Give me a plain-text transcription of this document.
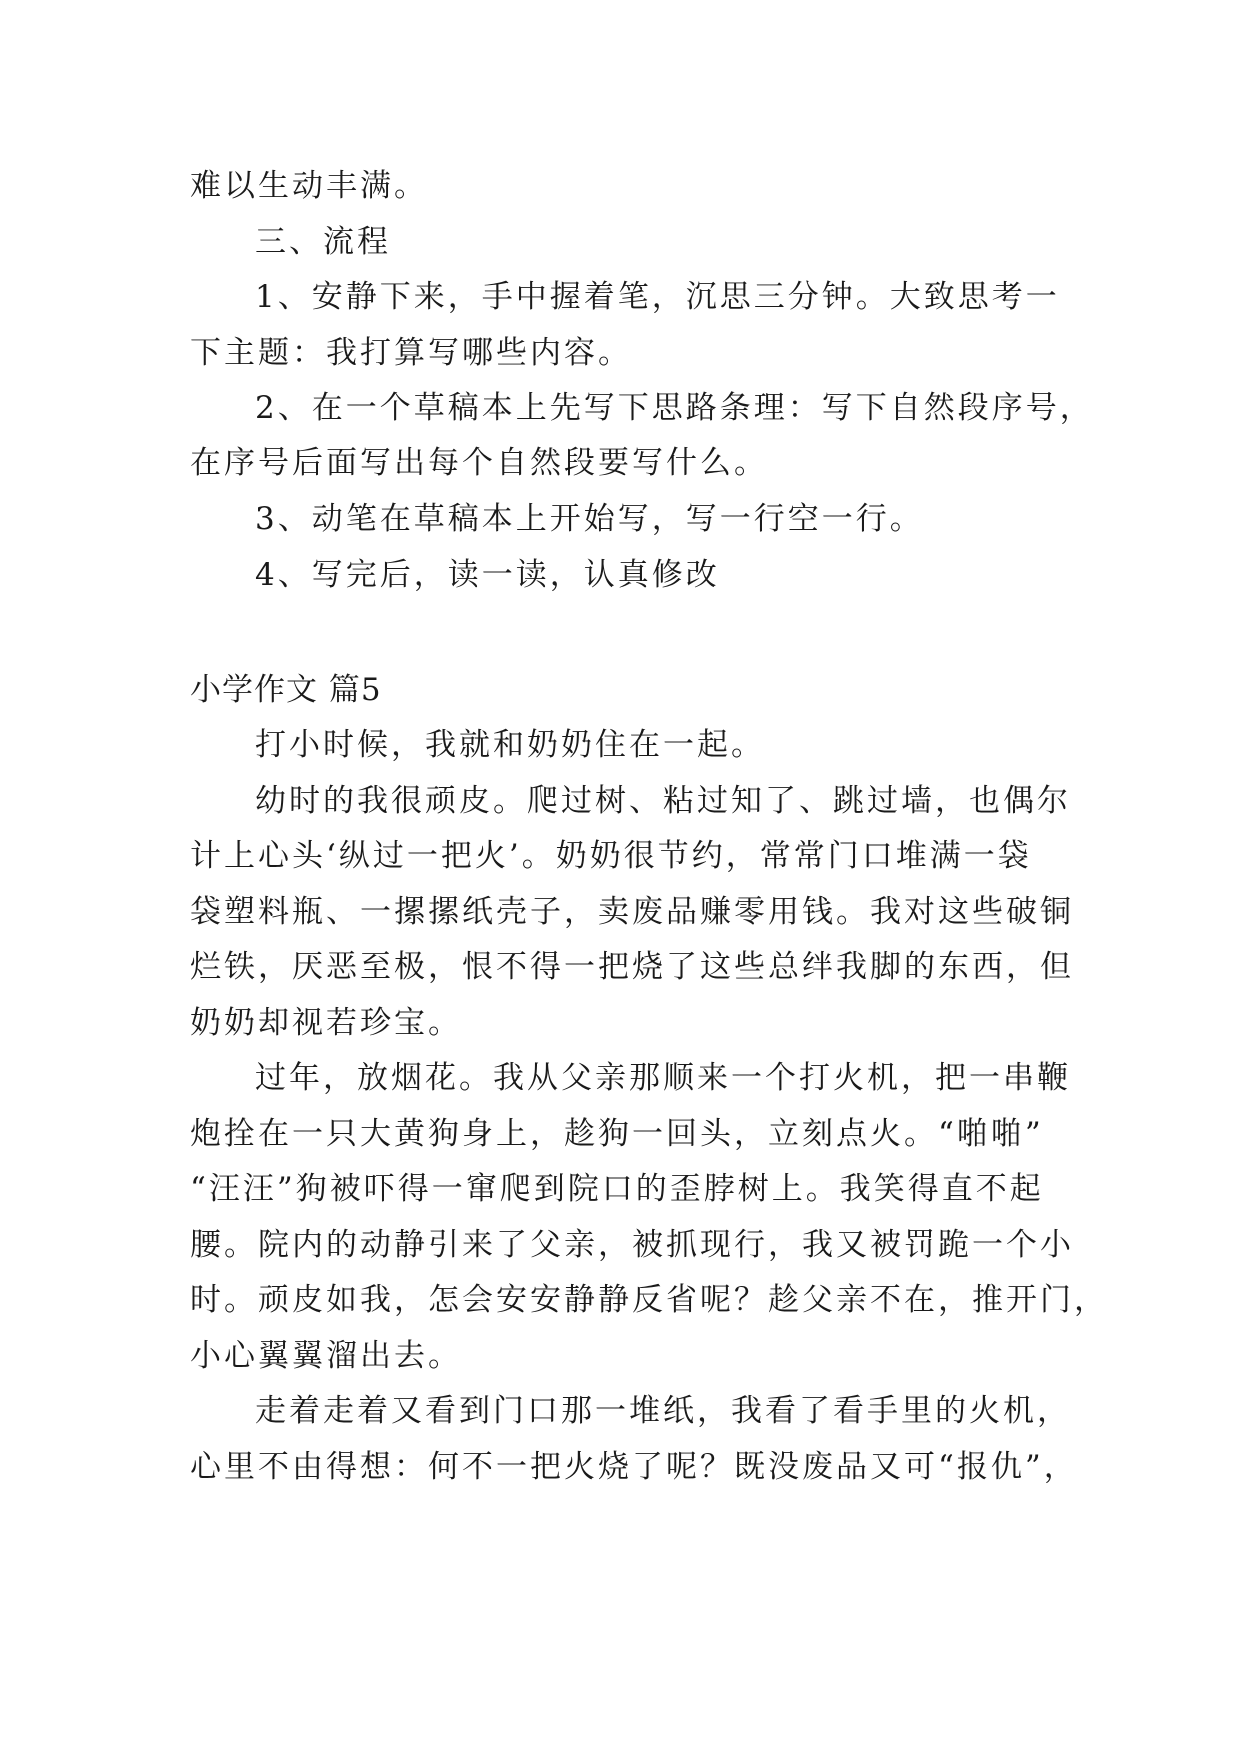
难以生动丰满。
三、流程
1、安静下来，手中握着笔，沉思三分钟。大致思考一
下主题：我打算写哪些内容。
2、在一个草稿本上先写下思路条理：写下自然段序号，
在序号后面写出每个自然段要写什么。
3、动笔在草稿本上开始写，写一行空一行。
4、写完后，读一读，认真修改
小学作文 篇5
打小时候，我就和奶奶住在一起。
幼时的我很顽皮。爬过树、粘过知了、跳过墙，也偶尔
计上心头‘纵过一把火’。奶奶很节约，常常门口堆满一袋
袋塑料瓶、一摞摞纸壳子，卖废品赚零用钱。我对这些破铜
烂铁，厌恶至极，恨不得一把烧了这些总绊我脚的东西，但
奶奶却视若珍宝。
过年，放烟花。我从父亲那顺来一个打火机，把一串鞭
炮拴在一只大黄狗身上，趁狗一回头，立刻点火。“啪啪”
“汪汪”狗被吓得一窜爬到院口的歪脖树上。我笑得直不起
腰。院内的动静引来了父亲，被抓现行，我又被罚跪一个小
时。顽皮如我，怎会安安静静反省呢？趁父亲不在，推开门，
小心翼翼溜出去。
走着走着又看到门口那一堆纸，我看了看手里的火机，
心里不由得想：何不一把火烧了呢？既没废品又可“报仇”，
